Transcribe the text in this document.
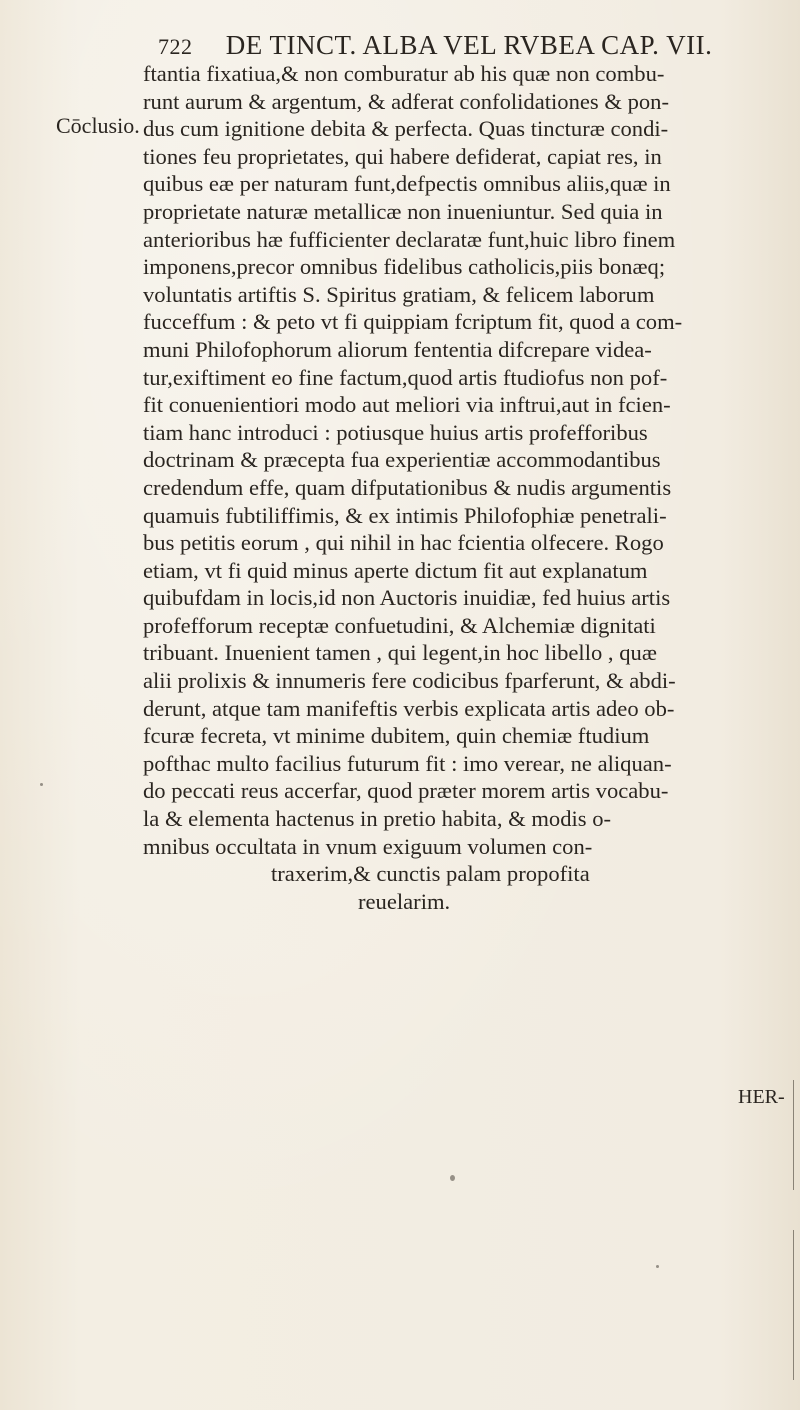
722 DE TINCT. ALBA VEL RVBEA CAP. VII.
Cōclusio.
ftantia fixatiua,& non comburatur ab his quæ non combu-
runt aurum & argentum, & adferat confolidationes & pon-
dus cum ignitione debita & perfecta. Quas tincturæ condi-
tiones feu proprietates, qui habere defiderat, capiat res, in
quibus eæ per naturam funt,defpectis omnibus aliis,quæ in
proprietate naturæ metallicæ non inueniuntur. Sed quia in
anterioribus hæ fufficienter declaratæ funt,huic libro finem
imponens,precor omnibus fidelibus catholicis,piis bonæq;
voluntatis artiftis S. Spiritus gratiam, & felicem laborum
fucceffum : & peto vt fi quippiam fcriptum fit, quod a com-
muni Philofophorum aliorum fententia difcrepare videa-
tur,exiftiment eo fine factum,quod artis ftudiofus non pof-
fit conuenientiori modo aut meliori via inftrui,aut in fcien-
tiam hanc introduci : potiusque huius artis profefforibus
doctrinam & præcepta fua experientiæ accommodantibus
credendum effe, quam difputationibus & nudis argumentis
quamuis fubtiliffimis, & ex intimis Philofophiæ penetrali-
bus petitis eorum , qui nihil in hac fcientia olfecere. Rogo
etiam, vt fi quid minus aperte dictum fit aut explanatum
quibufdam in locis,id non Auctoris inuidiæ, fed huius artis
profefforum receptæ confuetudini, & Alchemiæ dignitati
tribuant. Inuenient tamen , qui legent,in hoc libello , quæ
alii prolixis & innumeris fere codicibus fparferunt, & abdi-
derunt, atque tam manifeftis verbis explicata artis adeo ob-
fcuræ fecreta, vt minime dubitem, quin chemiæ ftudium
pofthac multo facilius futurum fit : imo verear, ne aliquan-
do peccati reus accerfar, quod præter morem artis vocabu-
la & elementa hactenus in pretio habita, & modis o-
mnibus occultata in vnum exiguum volumen con-
traxerim,& cunctis palam propofita
reuelarim.
HER-
